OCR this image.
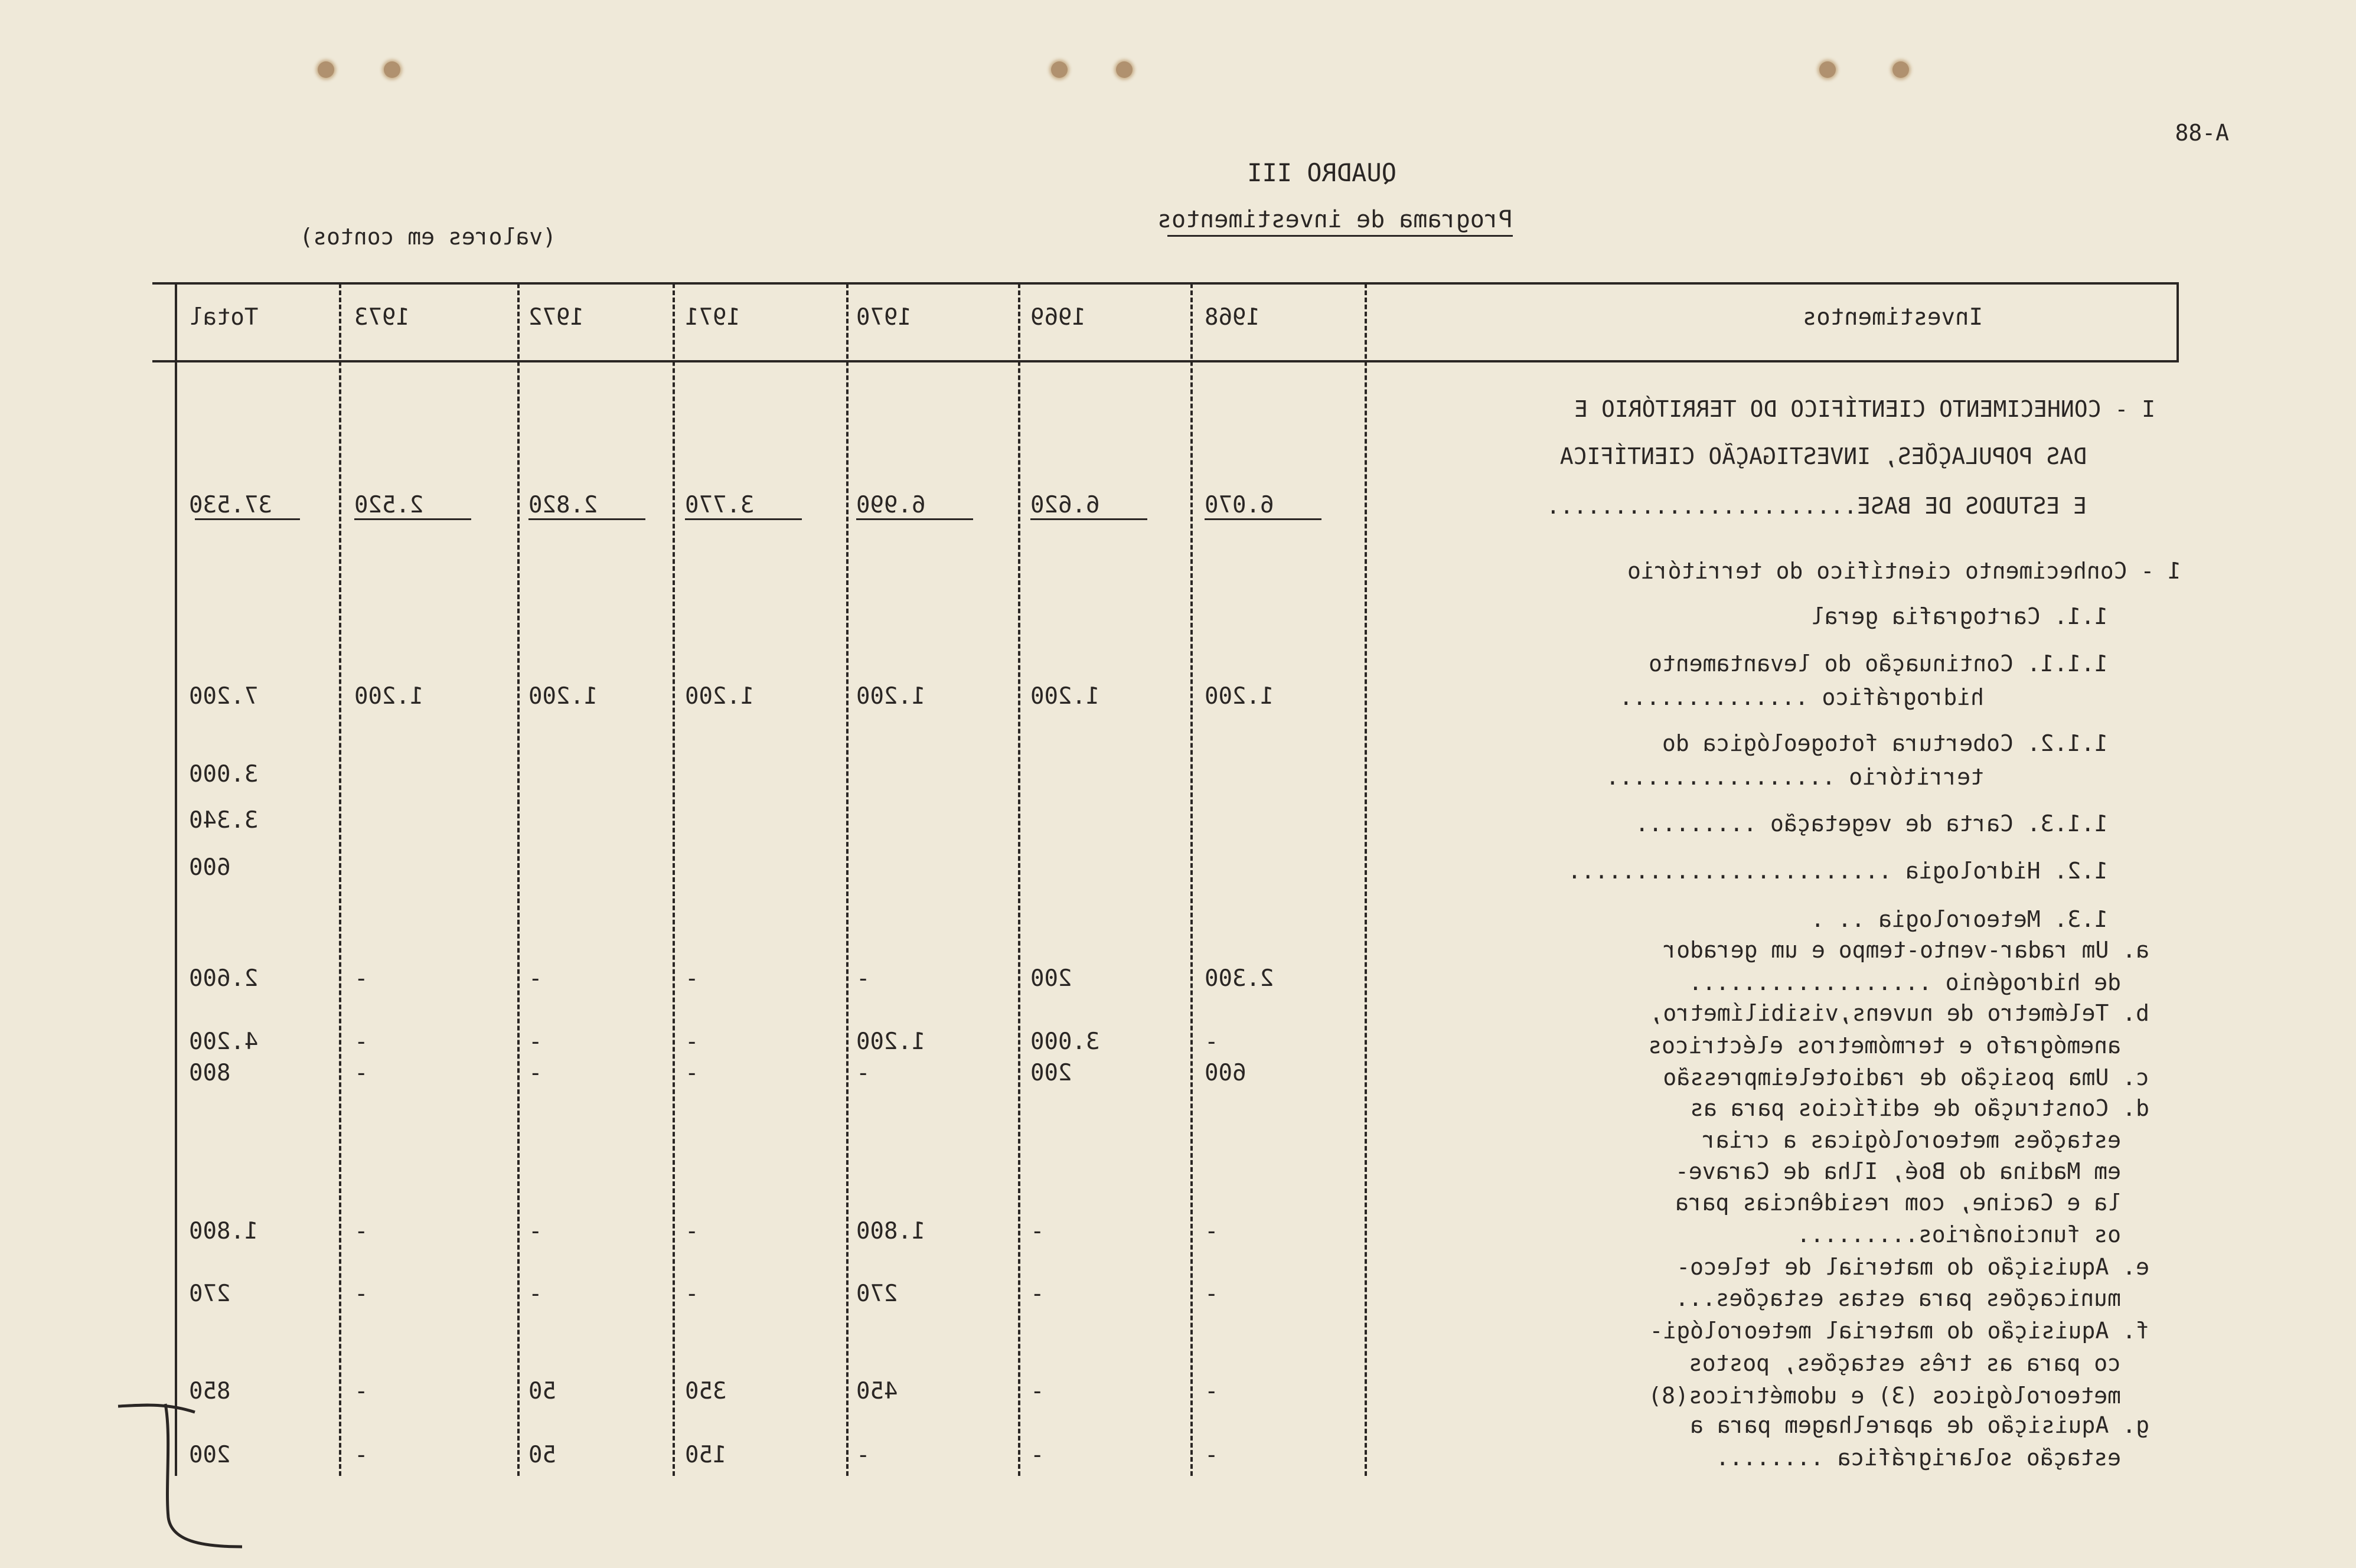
A-88
QUADRO III
Programa de investimentos
(valores em contos)
Investimentos
1968
1969
1970
1971
1972
1973
Total
I - CONHECIMENTO CIENTÍFICO DO TERRITÓRIO E
DAS POPULAÇÕES, INVESTIGAÇÃO CIENTÍFICA
E ESTUDOS DE BASE.......................
6.070
6.620
6.990
3.770
2.820
2.520
37.530
1 - Conhecimento científico do território
1.1. Cartografia geral
1.1.1. Continuação do levantamento
hidrográfico ..............
1.200
1.200
1.200
1.200
1.200
1.200
7.200
1.1.2. Cobertura fotogeológica do
território .................
3.000
1.1.3. Carta de vegetação .........
3.340
1.2. Hidrologia ........................
600
1.3. Meteorologia .. .
a. Um radar-vento-tempo e um gerador
de hidrogénio ..................
2.300
200
-
-
-
-
2.600
b. Telémetro de nuvens,visibilímetro,
anemógrafo e termómetros eléctricos
-
3.000
1.200
-
-
-
4.200
c. Uma posição de radioteleimpressão
600
200
-
-
-
-
800
d. Construção de edifícios para as
estações meteorológicas a criar
em Madina do Boé, Ilha de Carave-
la e Cacine, com residências para
os funcionários.........
-
-
1.800
-
-
-
1.800
e. Aquisição do material de teleco-
municações para estas estações...
-
-
270
-
-
-
270
f. Aquisição do material meteorológi-
co para as três estações, postos
meteorológicos (3) e udométricos(8)
-
-
450
350
50
-
850
g. Aquisição de aparelhagem para a
estação solarigráfica ........
-
-
-
150
50
-
200
